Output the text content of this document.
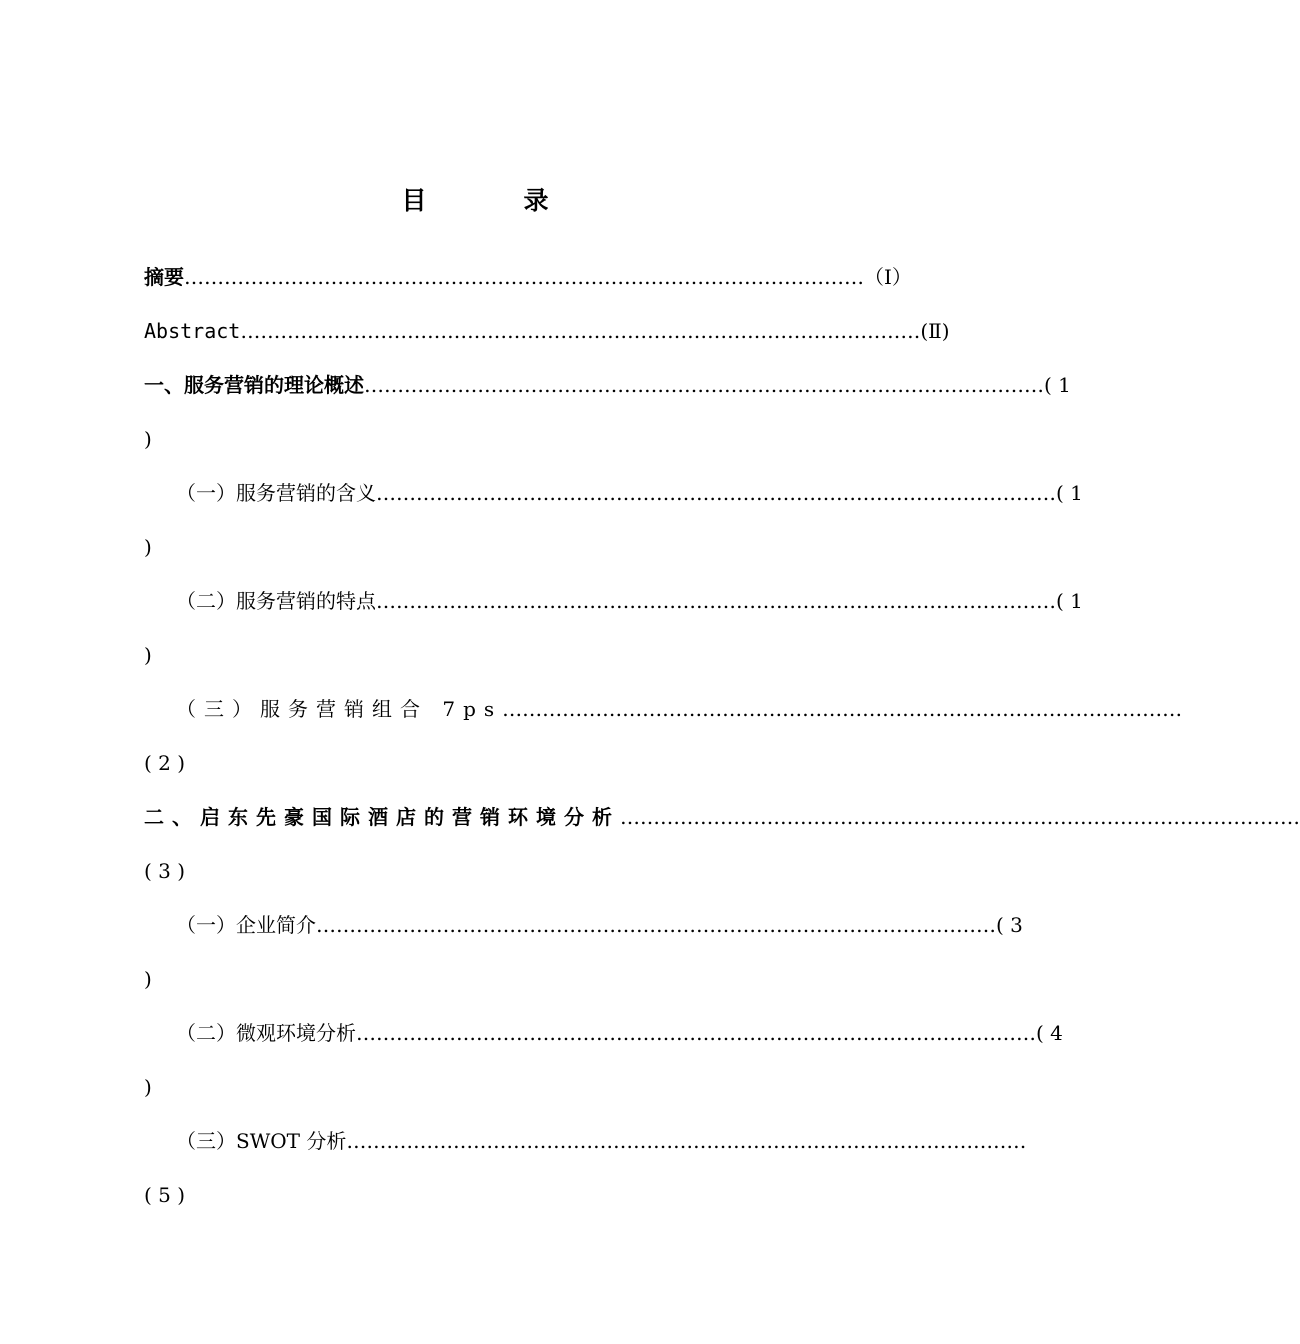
目　录
摘要 ………………………………………………………………………………………… （Ⅰ）
Abstract ………………………………………………………………………………………… (Ⅱ)
一、服务营销的理论概述 ………………………………………………………………………………………… ( 1
)
（一）服务营销的含义 ………………………………………………………………………………………… ( 1
)
（二）服务营销的特点 ………………………………………………………………………………………… ( 1
)
（三）服务营销组合 7ps …………………………………………………………………………………………
( 2 )
二、启东先豪国际酒店的营销环境分析 …………………………………………………………………………………………
( 3 )
（一）企业简介 ………………………………………………………………………………………… ( 3
)
（二）微观环境分析 ………………………………………………………………………………………… ( 4
)
（三）SWOT 分析 …………………………………………………………………………………………
( 5 )
